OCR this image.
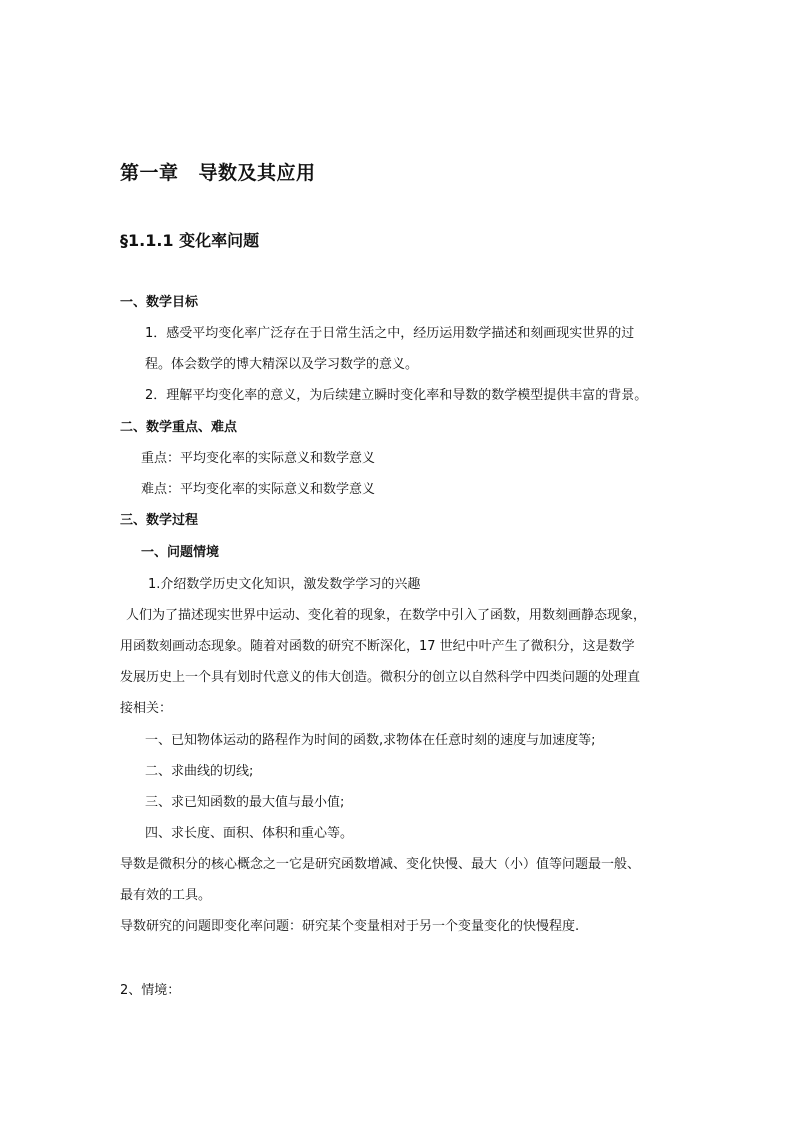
第一章 导数及其应用
§1.1.1 变化率问题
一、数学目标
1．感受平均变化率广泛存在于日常生活之中，经历运用数学描述和刻画现实世界的过
程。体会数学的博大精深以及学习数学的意义。
2．理解平均变化率的意义，为后续建立瞬时变化率和导数的数学模型提供丰富的背景。
二、数学重点、难点
重点：平均变化率的实际意义和数学意义
难点：平均变化率的实际意义和数学意义
三、数学过程
一、问题情境
1.介绍数学历史文化知识，激发数学学习的兴趣
人们为了描述现实世界中运动、变化着的现象，在数学中引入了函数，用数刻画静态现象，
用函数刻画动态现象。随着对函数的研究不断深化，17 世纪中叶产生了微积分，这是数学
发展历史上一个具有划时代意义的伟大创造。微积分的创立以自然科学中四类问题的处理直
接相关：
一、已知物体运动的路程作为时间的函数,求物体在任意时刻的速度与加速度等;
二、求曲线的切线;
三、求已知函数的最大值与最小值;
四、求长度、面积、体积和重心等。
导数是微积分的核心概念之一它是研究函数增减、变化快慢、最大（小）值等问题最一般、
最有效的工具。
导数研究的问题即变化率问题：研究某个变量相对于另一个变量变化的快慢程度.
2、情境：
